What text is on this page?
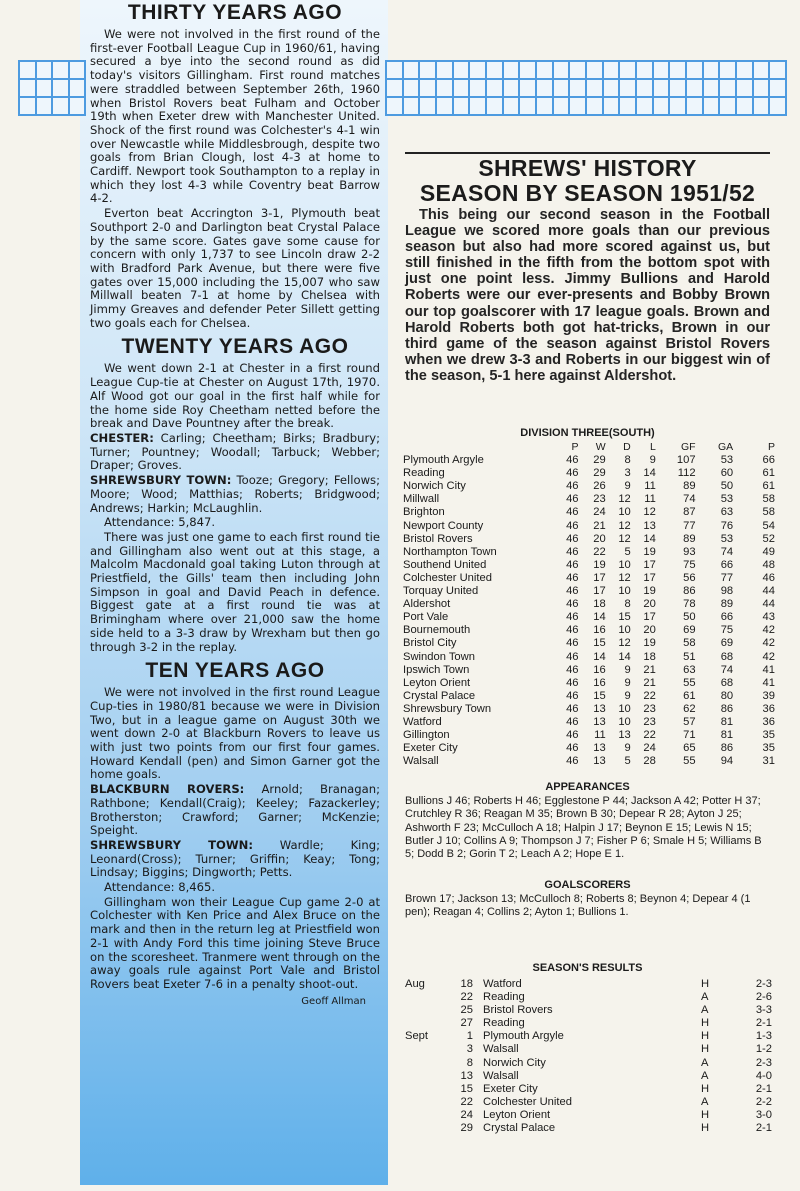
THIRTY YEARS AGO
We were not involved in the first round of the first-ever Football League Cup in 1960/61, having secured a bye into the second round as did today's visitors Gillingham. First round matches were straddled between September 26th, 1960 when Bristol Rovers beat Fulham and October 19th when Exeter drew with Manchester United. Shock of the first round was Colchester's 4-1 win over Newcastle while Middlesbrough, despite two goals from Brian Clough, lost 4-3 at home to Cardiff. Newport took Southampton to a replay in which they lost 4-3 while Coventry beat Barrow 4-2.
Everton beat Accrington 3-1, Plymouth beat Southport 2-0 and Darlington beat Crystal Palace by the same score. Gates gave some cause for concern with only 1,737 to see Lincoln draw 2-2 with Bradford Park Avenue, but there were five gates over 15,000 including the 15,007 who saw Millwall beaten 7-1 at home by Chelsea with Jimmy Greaves and defender Peter Sillett getting two goals each for Chelsea.
TWENTY YEARS AGO
We went down 2-1 at Chester in a first round League Cup-tie at Chester on August 17th, 1970. Alf Wood got our goal in the first half while for the home side Roy Cheetham netted before the break and Dave Pountney after the break.
CHESTER: Carling; Cheetham; Birks; Bradbury; Turner; Pountney; Woodall; Tarbuck; Webber; Draper; Groves.
SHREWSBURY TOWN: Tooze; Gregory; Fellows; Moore; Wood; Matthias; Roberts; Bridgwood; Andrews; Harkin; McLaughlin.
Attendance: 5,847.
There was just one game to each first round tie and Gillingham also went out at this stage, a Malcolm Macdonald goal taking Luton through at Priestfield, the Gills' team then including John Simpson in goal and David Peach in defence. Biggest gate at a first round tie was at Brimingham where over 21,000 saw the home side held to a 3-3 draw by Wrexham but then go through 3-2 in the replay.
TEN YEARS AGO
We were not involved in the first round League Cup-ties in 1980/81 because we were in Division Two, but in a league game on August 30th we went down 2-0 at Blackburn Rovers to leave us with just two points from our first four games. Howard Kendall (pen) and Simon Garner got the home goals.
BLACKBURN ROVERS: Arnold; Branagan; Rathbone; Kendall(Craig); Keeley; Fazackerley; Brotherston; Crawford; Garner; McKenzie; Speight.
SHREWSBURY TOWN: Wardle; King; Leonard(Cross); Turner; Griffin; Keay; Tong; Lindsay; Biggins; Dingworth; Petts.
Attendance: 8,465.
Gillingham won their League Cup game 2-0 at Colchester with Ken Price and Alex Bruce on the mark and then in the return leg at Priestfield won 2-1 with Andy Ford this time joining Steve Bruce on the scoresheet. Tranmere went through on the away goals rule against Port Vale and Bristol Rovers beat Exeter 7-6 in a penalty shoot-out.
Geoff Allman
SHREWS' HISTORY
SEASON BY SEASON 1951/52
This being our second season in the Football League we scored more goals than our previous season but also had more scored against us, but still finished in the fifth from the bottom spot with just one point less. Jimmy Bullions and Harold Roberts were our ever-presents and Bobby Brown our top goalscorer with 17 league goals. Brown and Harold Roberts both got hat-tricks, Brown in our third game of the season against Bristol Rovers when we drew 3-3 and Roberts in our biggest win of the season, 5-1 here against Aldershot.
DIVISION THREE(SOUTH)
	P	W	D	L	GF	GA	P
Plymouth Argyle	46	29	8	9	107	53	66
Reading	46	29	3	14	112	60	61
Norwich City	46	26	9	11	89	50	61
Millwall	46	23	12	11	74	53	58
Brighton	46	24	10	12	87	63	58
Newport County	46	21	12	13	77	76	54
Bristol Rovers	46	20	12	14	89	53	52
Northampton Town	46	22	5	19	93	74	49
Southend United	46	19	10	17	75	66	48
Colchester United	46	17	12	17	56	77	46
Torquay United	46	17	10	19	86	98	44
Aldershot	46	18	8	20	78	89	44
Port Vale	46	14	15	17	50	66	43
Bournemouth	46	16	10	20	69	75	42
Bristol City	46	15	12	19	58	69	42
Swindon Town	46	14	14	18	51	68	42
Ipswich Town	46	16	9	21	63	74	41
Leyton Orient	46	16	9	21	55	68	41
Crystal Palace	46	15	9	22	61	80	39
Shrewsbury Town	46	13	10	23	62	86	36
Watford	46	13	10	23	57	81	36
Gillington	46	11	13	22	71	81	35
Exeter City	46	13	9	24	65	86	35
Walsall	46	13	5	28	55	94	31
APPEARANCES
Bullions J 46; Roberts H 46; Egglestone P 44; Jackson A 42; Potter H 37; Crutchley R 36; Reagan M 35; Brown B 30; Depear R 28; Ayton J 25; Ashworth F 23; McCulloch A 18; Halpin J 17; Beynon E 15; Lewis N 15; Butler J 10; Collins A 9; Thompson J 7; Fisher P 6; Smale H 5; Williams B 5; Dodd B 2; Gorin T 2; Leach A 2; Hope E 1.
GOALSCORERS
Brown 17; Jackson 13; McCulloch 8; Roberts 8; Beynon 4; Depear 4 (1 pen); Reagan 4; Collins 2; Ayton 1; Bullions 1.
SEASON'S RESULTS
Aug	18	Watford	H	2-3
	22	Reading	A	2-6
	25	Bristol Rovers	A	3-3
	27	Reading	H	2-1
Sept	1	Plymouth Argyle	H	1-3
	3	Walsall	H	1-2
	8	Norwich City	A	2-3
	13	Walsall	A	4-0
	15	Exeter City	H	2-1
	22	Colchester United	A	2-2
	24	Leyton Orient	H	3-0
	29	Crystal Palace	H	2-1
